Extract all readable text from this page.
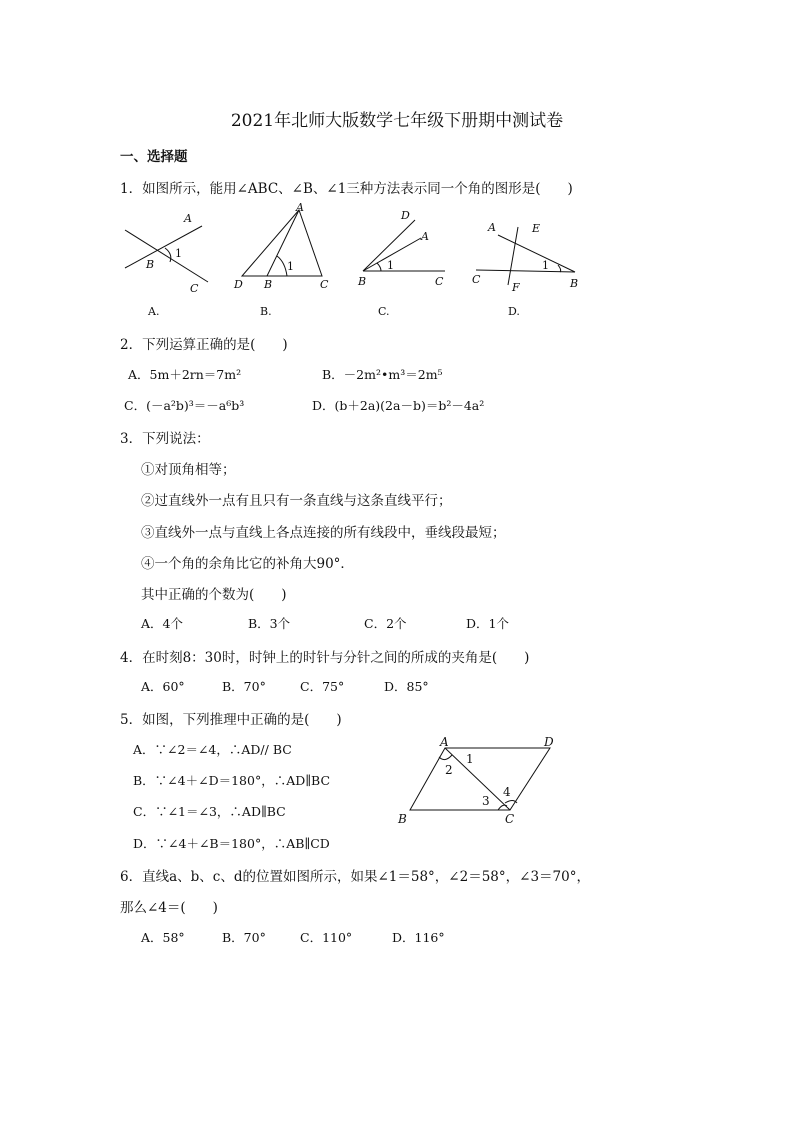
2021年北师大版数学七年级下册期中测试卷
一、选择题
1．如图所示，能用∠ABC、∠B、∠1三种方法表示同一个角的图形是(　　)
A
B
C
1
A
D B	C
1
D
A
B	C
1
A	E
C
F	B
1
A.	B.	C.	D.
2．下列运算正确的是(　　)
A．5m＋2rn＝7m²	B．－2m²•m³＝2m⁵
C．(－a²b)³＝－a⁶b³	D．(b＋2a)(2a－b)＝b²－4a²
3．下列说法：
①对顶角相等；
②过直线外一点有且只有一条直线与这条直线平行；
③直线外一点与直线上各点连接的所有线段中，垂线段最短；
④一个角的余角比它的补角大90°．
其中正确的个数为(　　)
A．4个	B．3个	C．2个	D．1个
4．在时刻8：30时，时钟上的时针与分针之间的所成的夹角是(　　)
A．60°	B．70°	C．75°	D．85°
5．如图，下列推理中正确的是(　　)
A．∵∠2＝∠4，∴AD// BC
B．∵∠4＋∠D＝180°，∴AD∥BC
C．∵∠1＝∠3，∴AD∥BC
D．∵∠4＋∠B＝180°，∴AB∥CD
A	D
B	C
1
2
3
4
6．直线a、b、c、d的位置如图所示，如果∠1＝58°，∠2＝58°，∠3＝70°，
那么∠4＝(　　)
A．58°	B．70°	C．110°	D．116°
